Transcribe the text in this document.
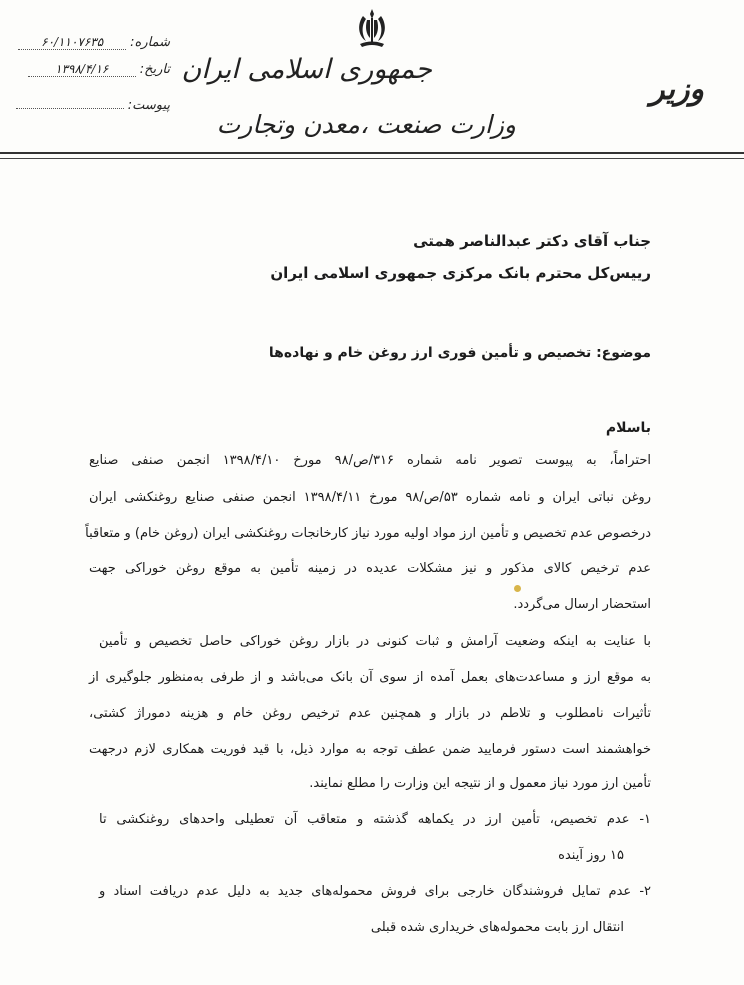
جمهوری اسلامی ایران
وزارت صنعت ،معدن وتجارت
وزیر
شماره:۶۰/۱۱۰۷۶۳۵
تاریخ:۱۳۹۸/۴/۱۶
پیوست:
جناب آقای دکتر عبدالناصر همتی
رییس‌کل محترم بانک مرکزی جمهوری اسلامی ایران
موضوع: تخصیص و تأمین فوری ارز روغن خام و نهاده‌ها
باسلام
احتراماً، به پیوست تصویر نامه شماره ۳۱۶/ص/۹۸ مورخ ۱۳۹۸/۴/۱۰ انجمن صنفی صنایع
روغن نباتی ایران و نامه شماره ۵۳/ص/۹۸ مورخ ۱۳۹۸/۴/۱۱ انجمن صنفی صنایع روغنکشی ایران
درخصوص عدم تخصیص و تأمین ارز مواد اولیه مورد نیاز کارخانجات روغنکشی ایران (روغن خام) و متعاقباً
عدم ترخیص کالای مذکور و نیز مشکلات عدیده در زمینه تأمین به موقع روغن خوراکی جهت
استحضار ارسال می‌گردد.
با عنایت به اینکه وضعیت آرامش و ثبات کنونی در بازار روغن خوراکی حاصل تخصیص و تأمین
به موقع ارز و مساعدت‌های بعمل آمده از سوی آن بانک می‌باشد و از طرفی به‌منظور جلوگیری از
تأثیرات نامطلوب و تلاطم در بازار و همچنین عدم ترخیص روغن خام و هزینه دموراژ کشتی،
خواهشمند است دستور فرمایید ضمن عطف توجه به موارد ذیل، با قید فوریت همکاری لازم درجهت
تأمین ارز مورد نیاز معمول و از نتیجه این وزارت را مطلع نمایند.
۱- عدم تخصیص، تأمین ارز در یکماهه گذشته و متعاقب آن تعطیلی واحدهای روغنکشی تا
۱۵ روز آینده
۲- عدم تمایل فروشندگان خارجی برای فروش محموله‌های جدید به دلیل عدم دریافت اسناد و
انتقال ارز بابت محموله‌های خریداری شده قبلی
